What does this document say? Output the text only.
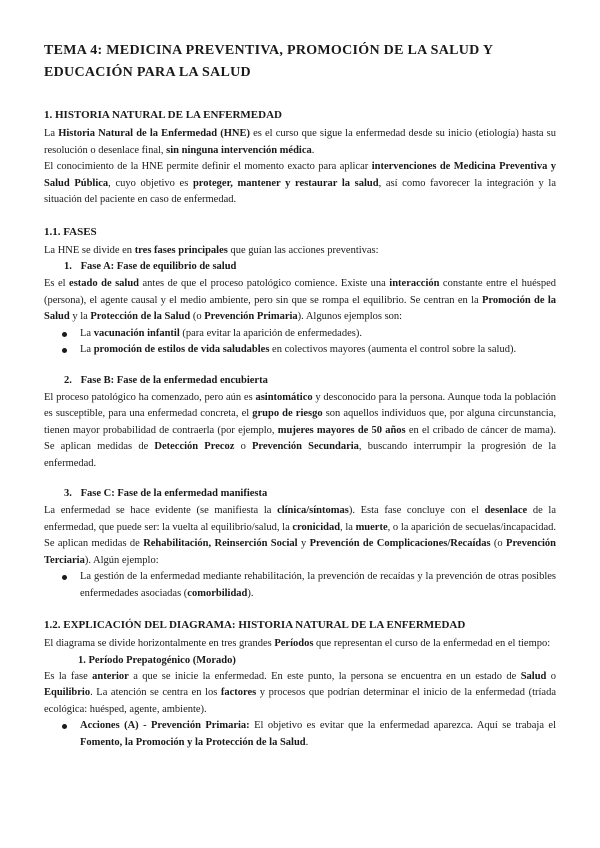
TEMA 4: MEDICINA PREVENTIVA, PROMOCIÓN DE LA SALUD Y EDUCACIÓN PARA LA SALUD
1. HISTORIA NATURAL DE LA ENFERMEDAD

La Historia Natural de la Enfermedad (HNE) es el curso que sigue la enfermedad desde su inicio (etiología) hasta su resolución o desenlace final, sin ninguna intervención médica.

El conocimiento de la HNE permite definir el momento exacto para aplicar intervenciones de Medicina Preventiva y Salud Pública, cuyo objetivo es proteger, mantener y restaurar la salud, así como favorecer la integración y la situación del paciente en caso de enfermedad.

1.1. FASES

La HNE se divide en tres fases principales que guían las acciones preventivas:

1. Fase A: Fase de equilibrio de salud

Es el estado de salud antes de que el proceso patológico comience. Existe una interacción constante entre el huésped (persona), el agente causal y el medio ambiente, pero sin que se rompa el equilibrio. Se centran en la Promoción de la Salud y la Protección de la Salud (o Prevención Primaria). Algunos ejemplos son:

La vacunación infantil (para evitar la aparición de enfermedades).
La promoción de estilos de vida saludables en colectivos mayores (aumenta el control sobre la salud).
2. Fase B: Fase de la enfermedad encubierta

El proceso patológico ha comenzado, pero aún es asintomático y desconocido para la persona. Aunque toda la población es susceptible, para una enfermedad concreta, el grupo de riesgo son aquellos individuos que, por alguna circunstancia, tienen mayor probabilidad de contraerla (por ejemplo, mujeres mayores de 50 años en el cribado de cáncer de mama). Se aplican medidas de Detección Precoz o Prevención Secundaria, buscando interrumpir la progresión de la enfermedad.

3. Fase C: Fase de la enfermedad manifiesta

La enfermedad se hace evidente (se manifiesta la clínica/síntomas). Esta fase concluye con el desenlace de la enfermedad, que puede ser: la vuelta al equilibrio/salud, la cronicidad, la muerte, o la aparición de secuelas/incapacidad. Se aplican medidas de Rehabilitación, Reinserción Social y Prevención de Complicaciones/Recaídas (o Prevención Terciaria). Algún ejemplo:

La gestión de la enfermedad mediante rehabilitación, la prevención de recaídas y la prevención de otras posibles enfermedades asociadas (comorbilidad).
1.2. EXPLICACIÓN DEL DIAGRAMA: HISTORIA NATURAL DE LA ENFERMEDAD

El diagrama se divide horizontalmente en tres grandes Períodos que representan el curso de la enfermedad en el tiempo:

1. Período Prepatogénico (Morado)

Es la fase anterior a que se inicie la enfermedad. En este punto, la persona se encuentra en un estado de Salud o Equilibrio. La atención se centra en los factores y procesos que podrían determinar el inicio de la enfermedad (tríada ecológica: huésped, agente, ambiente).

Acciones (A) - Prevención Primaria: El objetivo es evitar que la enfermedad aparezca. Aquí se trabaja el Fomento, la Promoción y la Protección de la Salud.
